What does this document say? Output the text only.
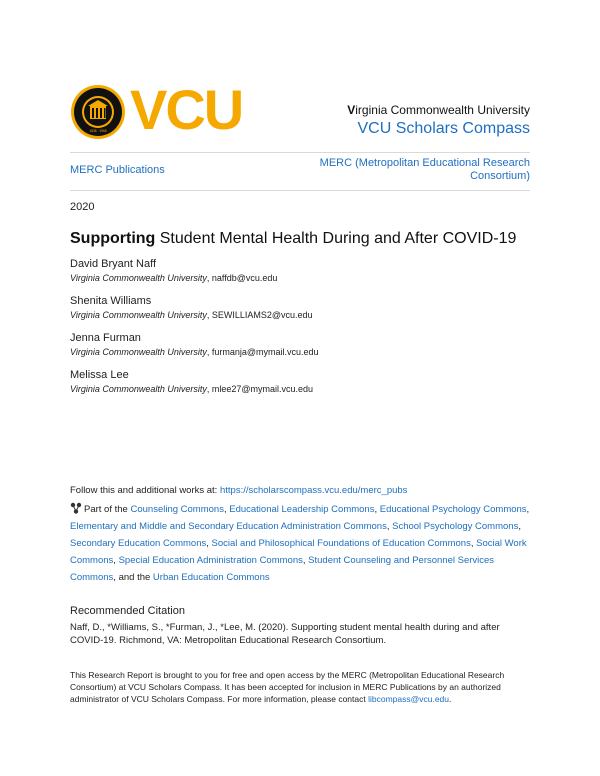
1838 · 1968 VCU	Virginia Commonwealth University
VCU Scholars Compass
MERC Publications
MERC (Metropolitan Educational Research Consortium)
2020
Supporting Student Mental Health During and After COVID-19
David Bryant Naff
Virginia Commonwealth University, naffdb@vcu.edu
Shenita Williams
Virginia Commonwealth University, SEWILLIAMS2@vcu.edu
Jenna Furman
Virginia Commonwealth University, furmanja@mymail.vcu.edu
Melissa Lee
Virginia Commonwealth University, mlee27@mymail.vcu.edu
Follow this and additional works at: https://scholarscompass.vcu.edu/merc_pubs
Part of the Counseling Commons, Educational Leadership Commons, Educational Psychology Commons, Elementary and Middle and Secondary Education Administration Commons, School Psychology Commons, Secondary Education Commons, Social and Philosophical Foundations of Education Commons, Social Work Commons, Special Education Administration Commons, Student Counseling and Personnel Services Commons, and the Urban Education Commons
Recommended Citation
Naff, D., *Williams, S., *Furman, J., *Lee, M. (2020). Supporting student mental health during and after COVID-19. Richmond, VA: Metropolitan Educational Research Consortium.
This Research Report is brought to you for free and open access by the MERC (Metropolitan Educational Research Consortium) at VCU Scholars Compass. It has been accepted for inclusion in MERC Publications by an authorized administrator of VCU Scholars Compass. For more information, please contact libcompass@vcu.edu.
